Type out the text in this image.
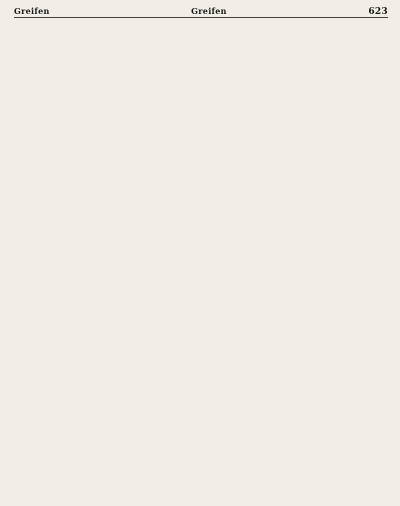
Greifen	Greifen	623
